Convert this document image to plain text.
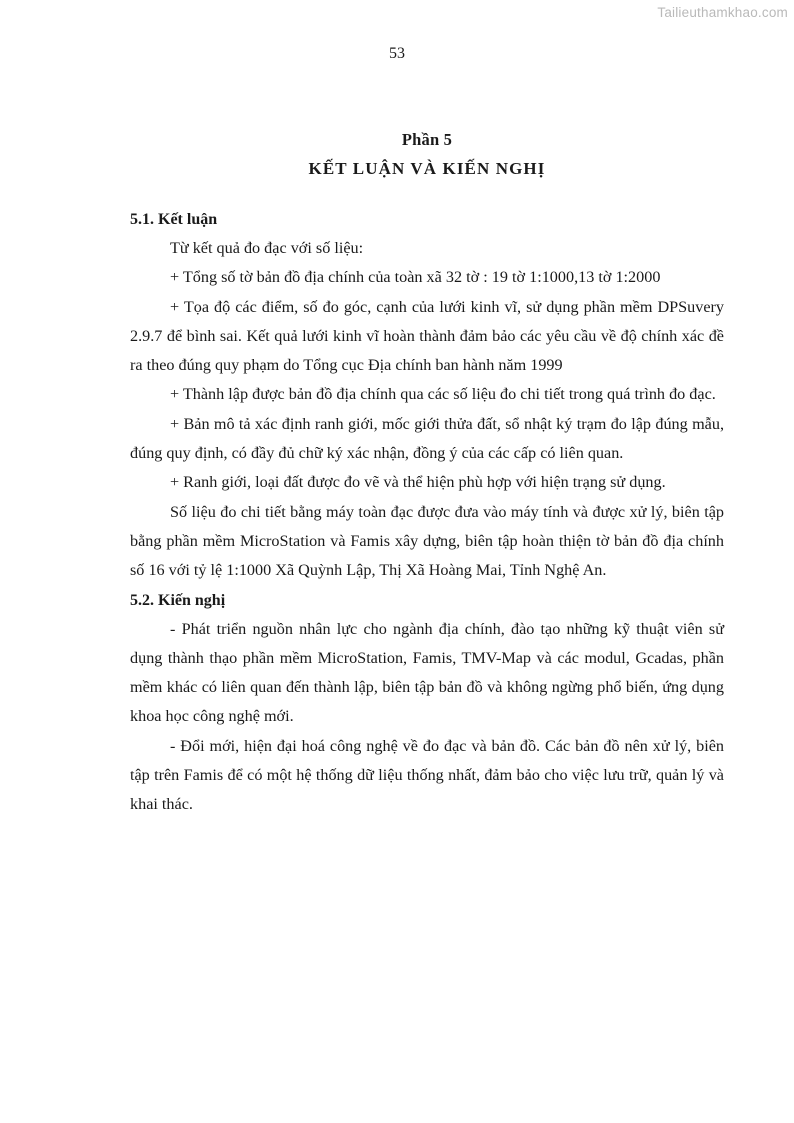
Tailieuthamkhao.com
53
Phần 5
KẾT LUẬN VÀ KIẾN NGHỊ
5.1. Kết luận

Từ kết quả đo đạc với số liệu:

+ Tổng số tờ bản đồ địa chính của toàn xã 32 tờ : 19 tờ 1:1000,13 tờ 1:2000

+ Tọa độ các điểm, số đo góc, cạnh của lưới kinh vĩ, sử dụng phần mềm DPSuvery 2.9.7 để bình sai. Kết quả lưới kinh vĩ hoàn thành đảm bảo các yêu cầu về độ chính xác đề ra theo đúng quy phạm do Tổng cục Địa chính ban hành năm 1999

+ Thành lập được bản đồ địa chính qua các số liệu đo chi tiết trong quá trình đo đạc.

+ Bản mô tả xác định ranh giới, mốc giới thửa đất, sổ nhật ký trạm đo lập đúng mẫu, đúng quy định, có đầy đủ chữ ký xác nhận, đồng ý của các cấp có liên quan.

+ Ranh giới, loại đất được đo vẽ và thể hiện phù hợp với hiện trạng sử dụng.

Số liệu đo chi tiết bằng máy toàn đạc được đưa vào máy tính và được xử lý, biên tập bằng phần mềm MicroStation và Famis xây dựng, biên tập hoàn thiện tờ bản đồ địa chính số 16 với tỷ lệ 1:1000 Xã Quỳnh Lập, Thị Xã Hoàng Mai, Tỉnh Nghệ An.

5.2. Kiến nghị

- Phát triển nguồn nhân lực cho ngành địa chính, đào tạo những kỹ thuật viên sử dụng thành thạo phần mềm MicroStation, Famis, TMV-Map và các modul, Gcadas, phần mềm khác có liên quan đến thành lập, biên tập bản đồ và không ngừng phổ biến, ứng dụng khoa học công nghệ mới.

- Đổi mới, hiện đại hoá công nghệ về đo đạc và bản đồ. Các bản đồ nên xử lý, biên tập trên Famis để có một hệ thống dữ liệu thống nhất, đảm bảo cho việc lưu trữ, quản lý và khai thác.
